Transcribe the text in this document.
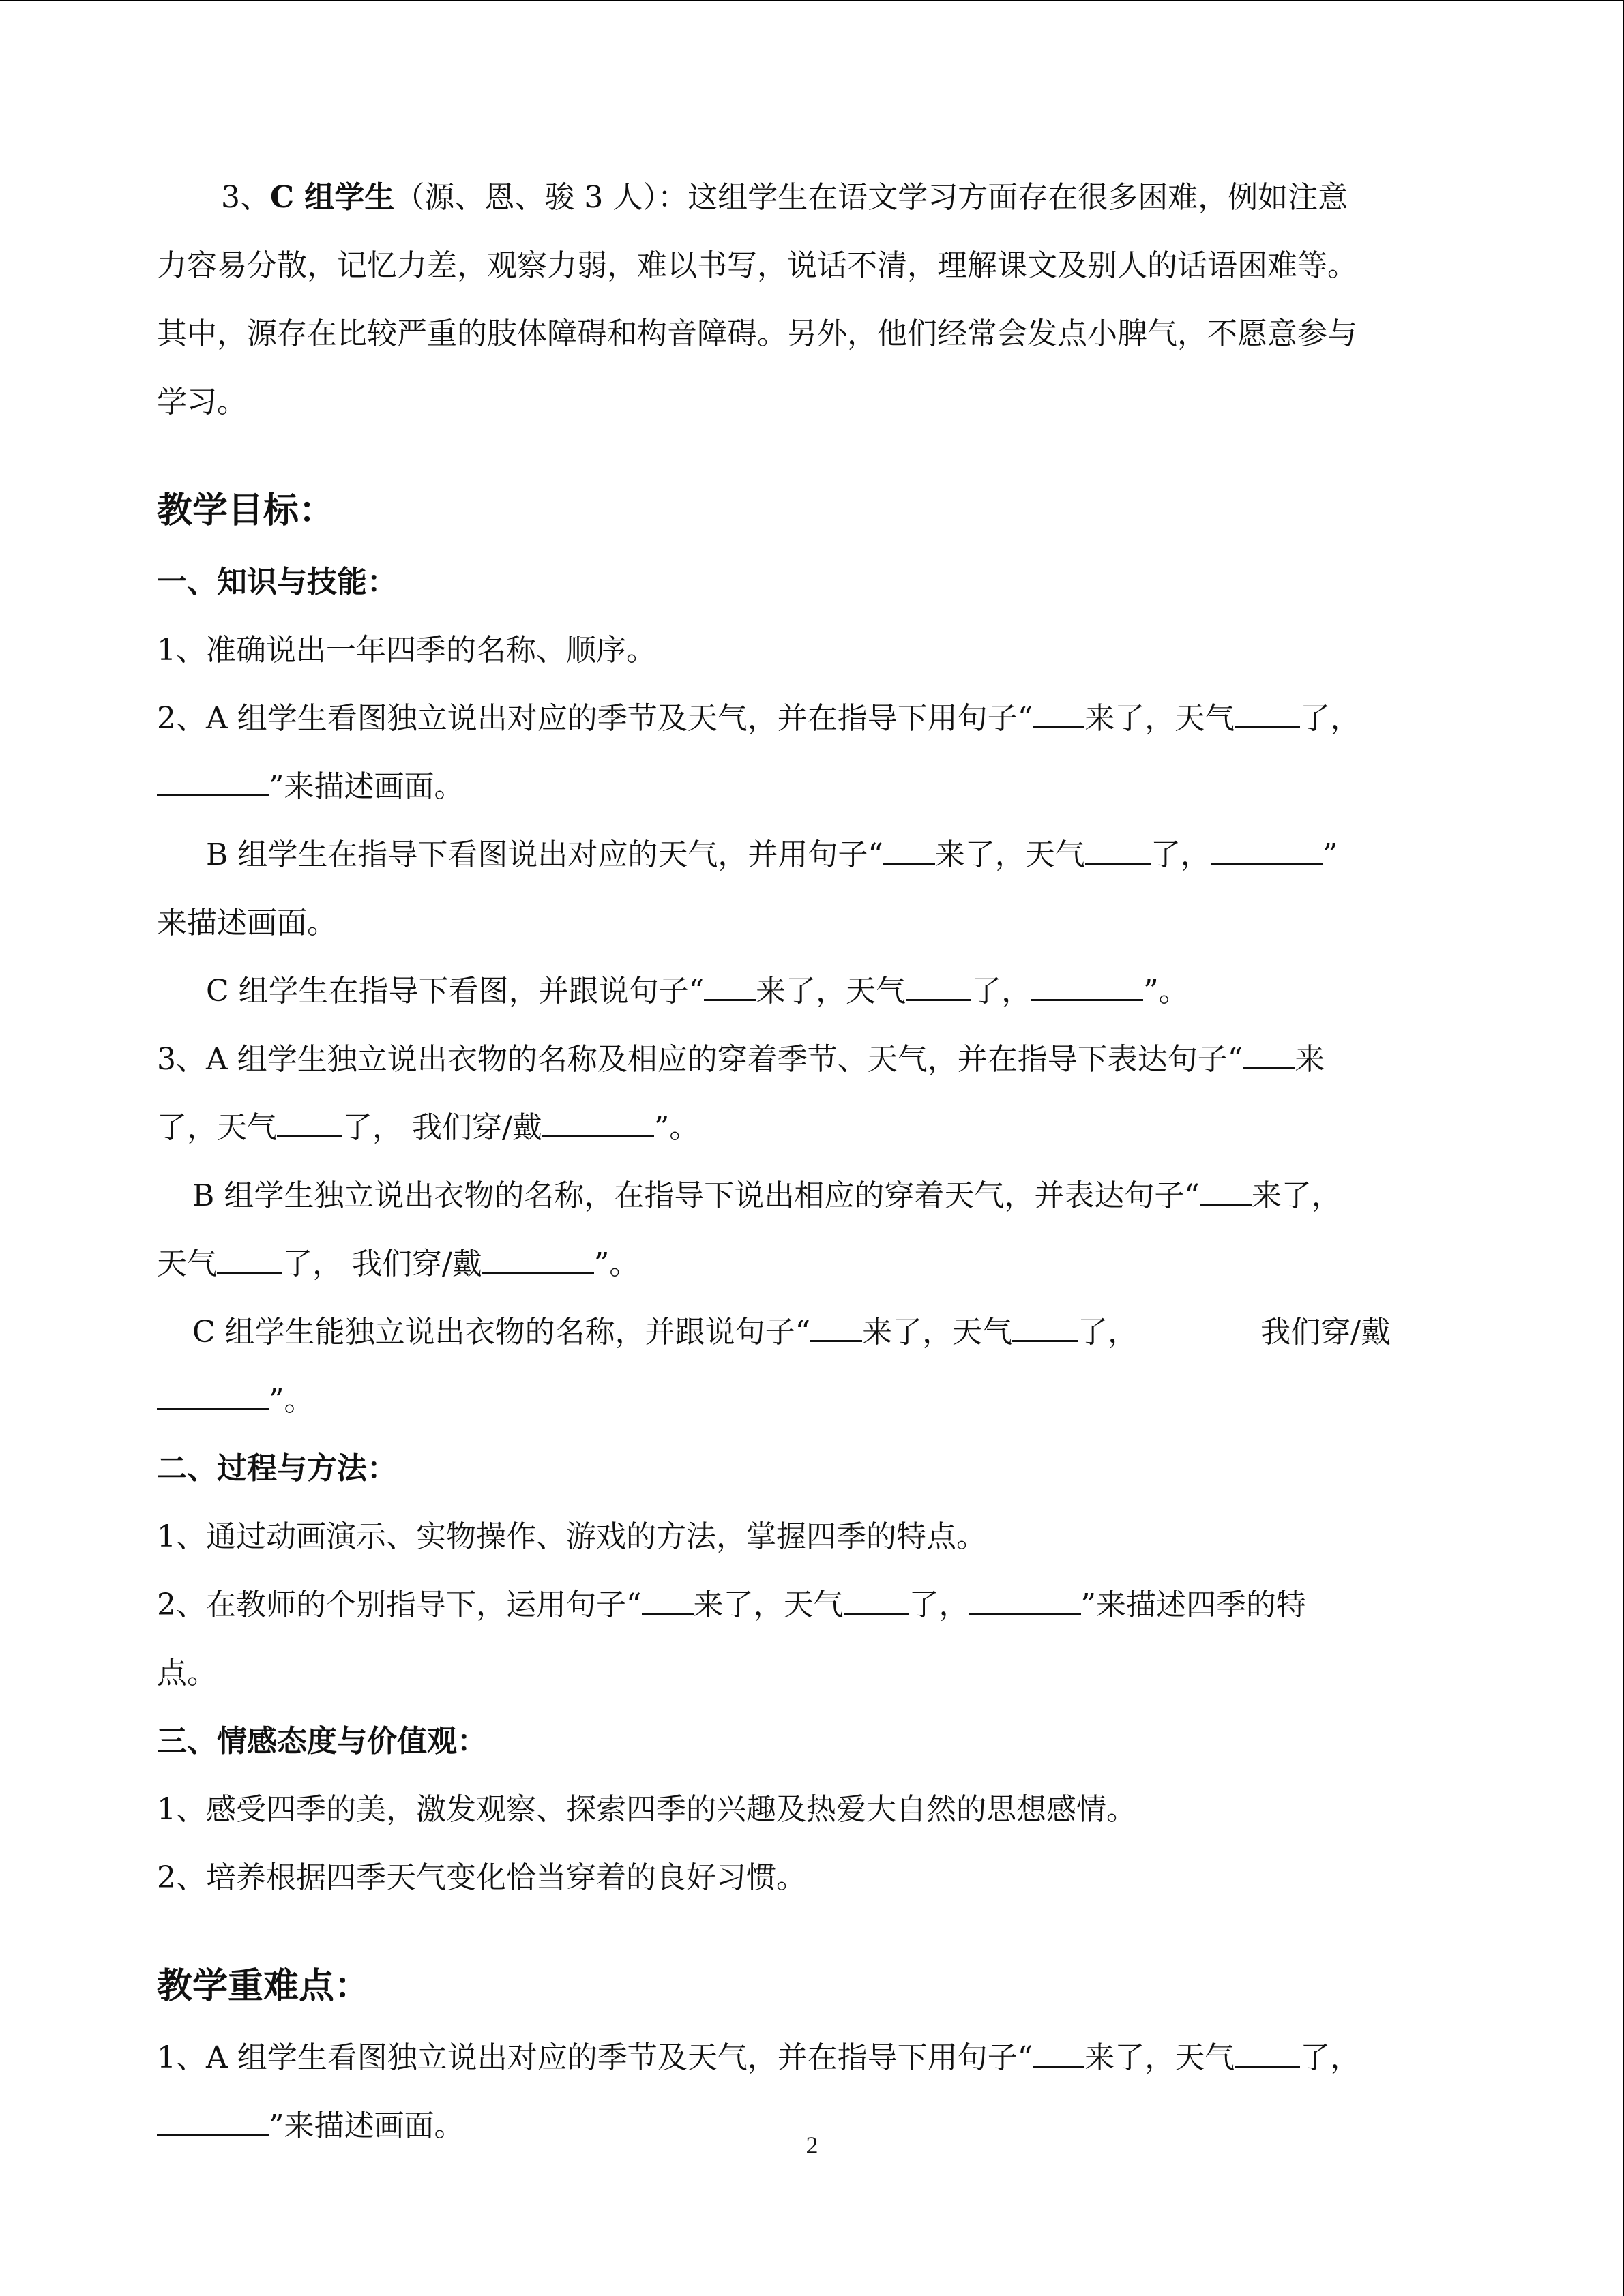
3、C 组学生（源、恩、骏 3 人）：这组学生在语文学习方面存在很多困难，例如注意

力容易分散，记忆力差，观察力弱，难以书写，说话不清，理解课文及别人的话语困难等。

其中，源存在比较严重的肢体障碍和构音障碍。另外，他们经常会发点小脾气，不愿意参与

学习。

教学目标：
一、知识与技能：

1、准确说出一年四季的名称、顺序。

2、A 组学生看图独立说出对应的季节及天气，并在指导下用句子“ 来了，天气 了，

”来描述画面。

B 组学生在指导下看图说出对应的天气，并用句子“ 来了，天气 了，	”

来描述画面。

C 组学生在指导下看图，并跟说句子“ 来了，天气 了，	”。

3、A 组学生独立说出衣物的名称及相应的穿着季节、天气，并在指导下表达句子“ 来

了，天气 了， 我们穿/戴	”。

B 组学生独立说出衣物的名称，在指导下说出相应的穿着天气，并表达句子“ 来了，

天气 了， 我们穿/戴	”。

C 组学生能独立说出衣物的名称，并跟说句子“ 来了，天气 了，	我们穿/戴

”。

二、过程与方法：

1、通过动画演示、实物操作、游戏的方法，掌握四季的特点。

2、在教师的个别指导下，运用句子“ 来了，天气 了，	”来描述四季的特

点。

三、情感态度与价值观：

1、感受四季的美，激发观察、探索四季的兴趣及热爱大自然的思想感情。

2、培养根据四季天气变化恰当穿着的良好习惯。

教学重难点：

1、A 组学生看图独立说出对应的季节及天气，并在指导下用句子“ 来了，天气 了，

”来描述画面。

2
